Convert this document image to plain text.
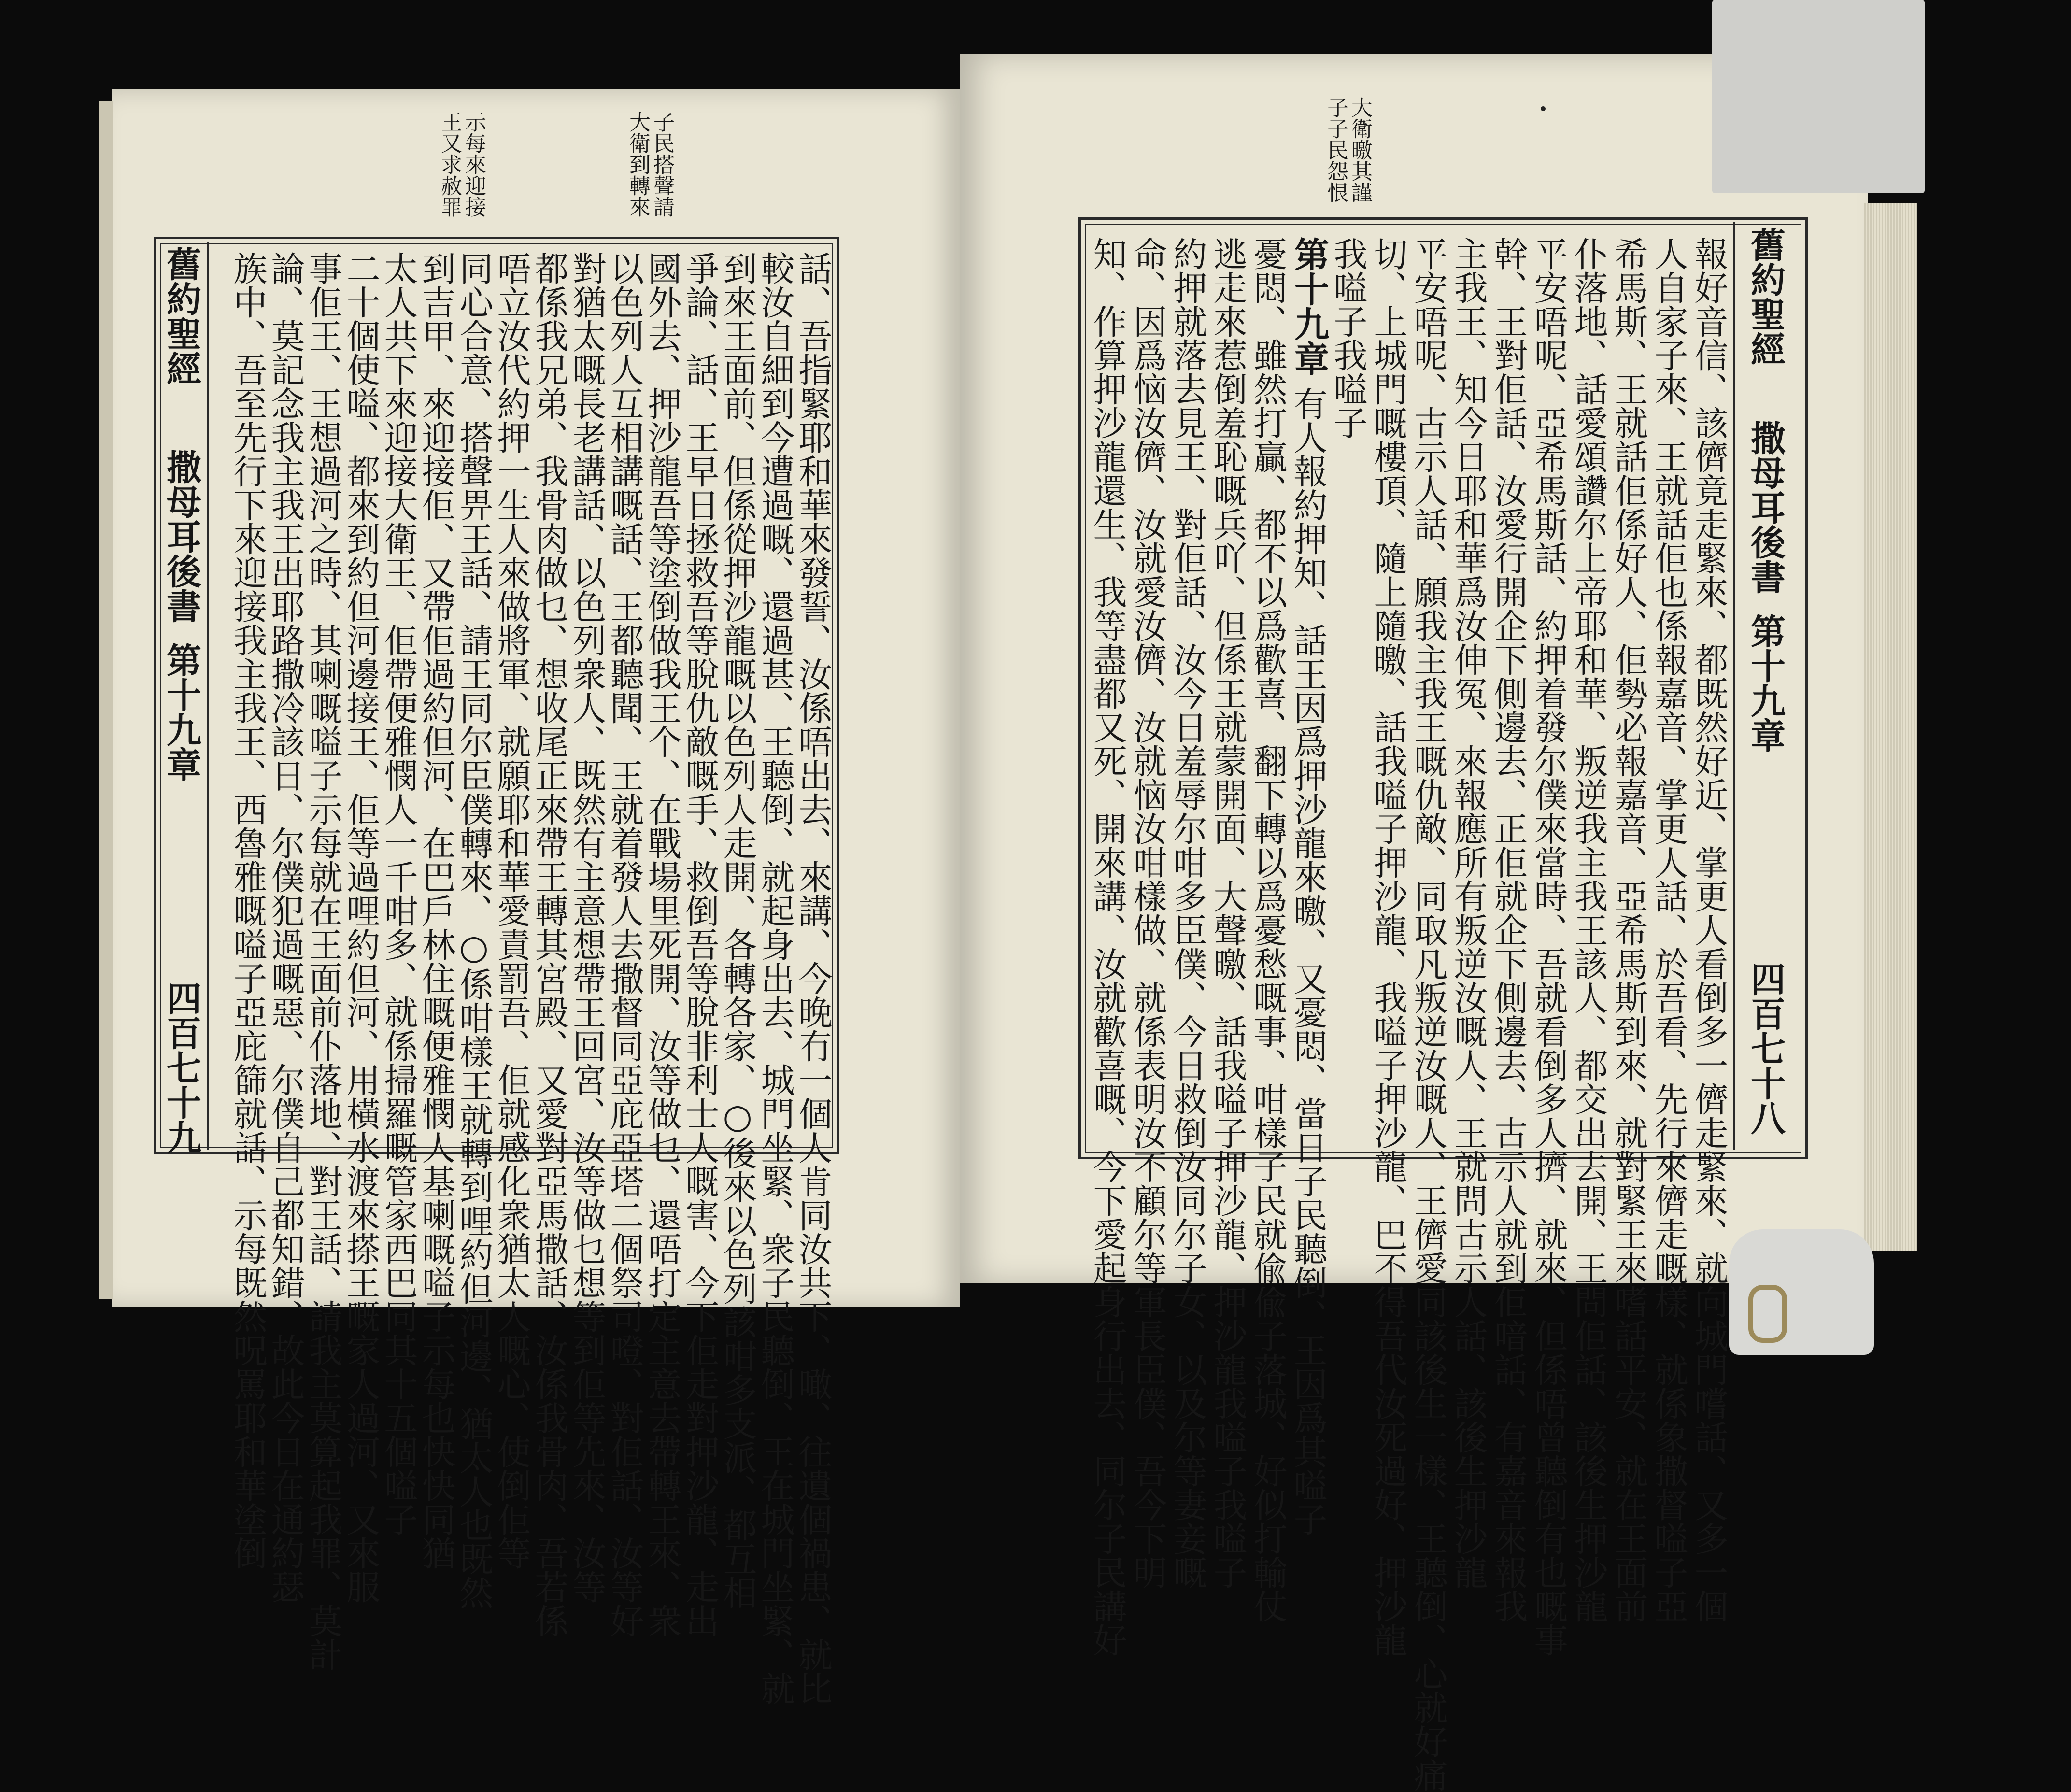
大衛曒其謹
子子民怨恨
舊約聖經
撒母耳後書
第十九章
四百七十八
報好音信、該儕竟走緊來、都既然好近、掌更人看倒多一儕走緊來、就向城門嚐話、又多一個
人自家子來、王就話佢也係報嘉音、掌更人話、於吾看、先行來儕走嘅樣、就係象撒督嗌子亞
希馬斯、王就話佢係好人、佢勢必報嘉音、亞希馬斯到來、就對緊王來嗜話平安、就在王面前
仆落地、話愛頌讚尔上帝耶和華、叛逆我主我王該人、都交出去開、王問佢話、該後生押沙龍
平安唔呢、亞希馬斯話、約押着發尔僕來當時、吾就看倒多人擠、就來、但係唔曾聽倒有也嘅事
幹、王對佢話、汝愛行開企下側邊去、正佢就企下側邊去、古示人就到佢喑話、有嘉音來報我
主我王、知今日耶和華爲汝伸冤、來報應所有叛逆汝嘅人、王就問古示人話、該後生押沙龍
平安唔呢、古示人話、願我主我王嘅仇敵、同取凡叛逆汝嘅人、王儕愛同該後生一樣、王聽倒、心就好痛
切、上城門嘅樓頂、隨上隨曒、話我嗌子押沙龍、我嗌子押沙龍、巴不得吾代汝死過好、押沙龍
我嗌子我嗌子
第十九章
有人報約押知、話王因爲押沙龍來曒、又憂悶、當日子民聽倒、王因爲其嗌子
憂悶、雖然打贏、都不以爲歡喜、翻下轉以爲憂愁嘅事、咁樣子民就偸偸子落城、好似打輸仗
逃走來惹倒羞恥嘅兵吖、但係王就蒙開面、大聲曒、話我嗌子押沙龍、押沙龍我嗌子我嗌子
約押就落去見王、對佢話、汝今日羞辱尔咁多臣僕、今日救倒汝同尔子女、以及尔等妻妾嘅
命、因爲恼汝儕、汝就愛汝儕、汝就恼汝咁樣做、就係表明汝不顧尔等軍長臣僕、吾今下明
知、作算押沙龍還生、我等盡都又死、開來講、汝就歡喜嘅、今下愛起身行出去、同尔子民講好
子民搭聲請
大衛到轉來
示每來迎接
王又求赦罪
舊約聖經
撒母耳後書
第十九章
四百七十九	話、吾指緊耶和華來發誓、汝係唔出去、來講、今晚冇一個人肯同汝共下、噉、往遺個禍患、就比
較汝自細到今遭過嘅、還過甚、王聽倒、就起身出去、城門坐緊、衆子民聽倒、王在城門坐緊、就
到來王面前、但係從押沙龍嘅以色列人走開、各轉各家、○後來以色列該咁多支派、都互相
爭論、話、王早日拯救吾等脫仇敵嘅手、救倒吾等脫非利士人嘅害、今下佢走對押沙龍、走出
國外去、押沙龍吾等塗倒做我王个、在戰場里死開、汝等做乜、還唔打定主意去帶轉王來、衆
以色列人互相講嘅話、王都聽聞、王就着發人去撒督同亞庇亞塔二個祭司噔、對佢話、汝等好
對猶太嘅長老講話、以色列衆人、既然有主意想帶王回宮、汝等做乜想等到佢等先來、汝等
都係我兄弟、我骨肉做乜、想收尾正來帶王轉其宮殿、又愛對亞馬撒話、汝係我骨肉、吾若係
唔立汝代約押一生人來做將軍、就願耶和華愛責罰吾、佢就感化衆猶太人嘅心、使倒佢等
同心合意、搭聲畀王話、請王同尔臣僕轉來、○係咁樣王就轉到哩約但河邊、猶太人也既然
到吉甲、來迎接佢、又帶佢過約但河、在巴戶林住嘅便雅憫人基喇嘅嗌子示每也快快同猶
太人共下來迎接大衛王、佢帶便雅憫人一千咁多、就係掃羅嘅管家西巴同其十五個嗌子
二十個使嗌、都來到約但河邊接王、佢等過哩約但河、用橫水渡來搽王嘅家人過河、又來服
事佢王、王想過河之時、其喇嘅嗌子示每就在王面前仆落地、對王話、請我主莫算起我罪、莫計
論、莫記念我主我王出耶路撒冷該日、尔僕犯過嘅惡、尔僕自己都知錯、故此今日在通約瑟
族中、吾至先行下來迎接我主我王、西魯雅嘅嗌子亞庇篩就話、示每既然呪罵耶和華塗倒
